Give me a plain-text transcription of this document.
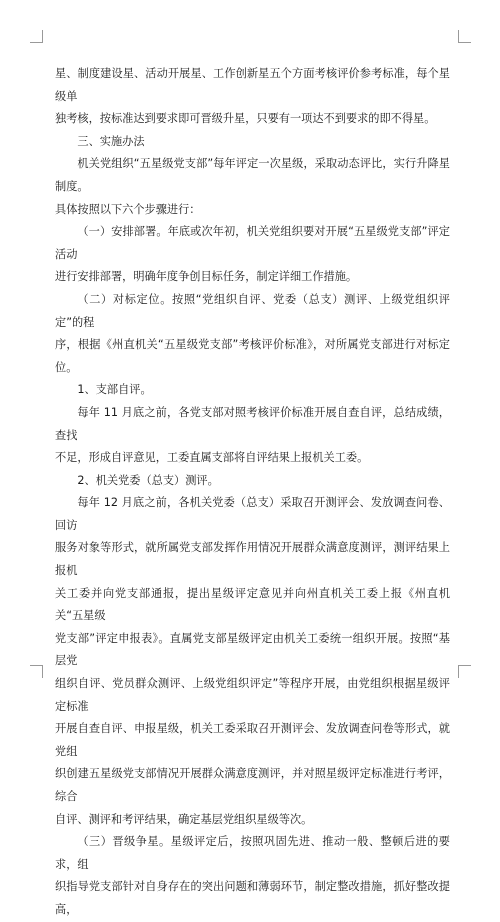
星、制度建设星、活动开展星、工作创新星五个方面考核评价参考标准，每个星级单

独考核，按标准达到要求即可晋级升星，只要有一项达不到要求的即不得星。

三、实施办法

机关党组织“五星级党支部”每年评定一次星级，采取动态评比，实行升降星制度。

具体按照以下六个步骤进行：

（一）安排部署。年底或次年初，机关党组织要对开展“五星级党支部”评定活动

进行安排部署，明确年度争创目标任务，制定详细工作措施。

（二）对标定位。按照“党组织自评、党委（总支）测评、上级党组织评定”的程

序，根据《州直机关“五星级党支部”考核评价标准》，对所属党支部进行对标定位。

1、支部自评。

每年 11 月底之前，各党支部对照考核评价标准开展自查自评，总结成绩，查找

不足，形成自评意见，工委直属支部将自评结果上报机关工委。

2、机关党委（总支）测评。

每年 12 月底之前，各机关党委（总支）采取召开测评会、发放调查问卷、回访

服务对象等形式，就所属党支部发挥作用情况开展群众满意度测评，测评结果上报机

关工委并向党支部通报，提出星级评定意见并向州直机关工委上报《州直机关“五星级

党支部”评定申报表》。直属党支部星级评定由机关工委统一组织开展。按照“基层党

组织自评、党员群众测评、上级党组织评定”等程序开展，由党组织根据星级评定标准

开展自查自评、申报星级，机关工委采取召开测评会、发放调查问卷等形式，就党组

织创建五星级党支部情况开展群众满意度测评，并对照星级评定标准进行考评，综合

自评、测评和考评结果，确定基层党组织星级等次。

（三）晋级争星。星级评定后，按照巩固先进、推动一般、整顿后进的要求，组

织指导党支部针对自身存在的突出问题和薄弱环节，制定整改措施，抓好整改提高，
